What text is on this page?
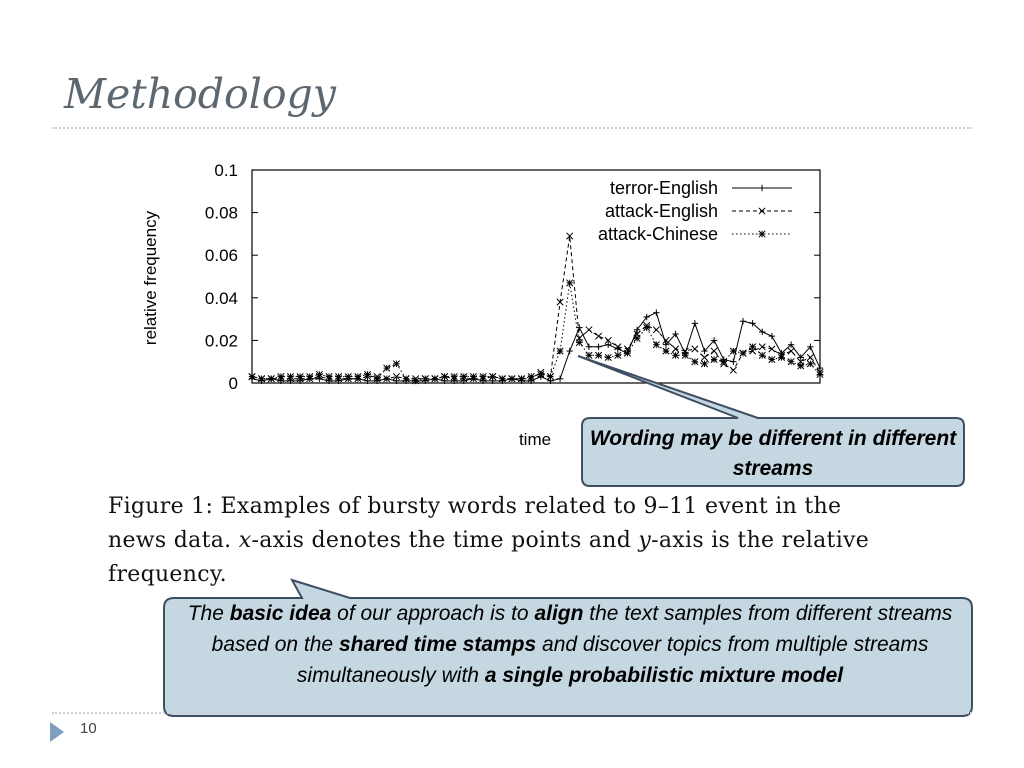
Methodology
0
0.02
0.04
0.06
0.08
0.1
terror-English
attack-English
attack-Chinese
relative frequency
time

Figure 1: Examples of bursty words related to 9–11 event in the news data. x-axis denotes the time points and y-axis is the relative frequency.

Wording may be different in different streams
The basic idea of our approach is to align the text samples from different streams based on the shared time stamps and discover topics from multiple streams simultaneously with a single probabilistic mixture model
10
